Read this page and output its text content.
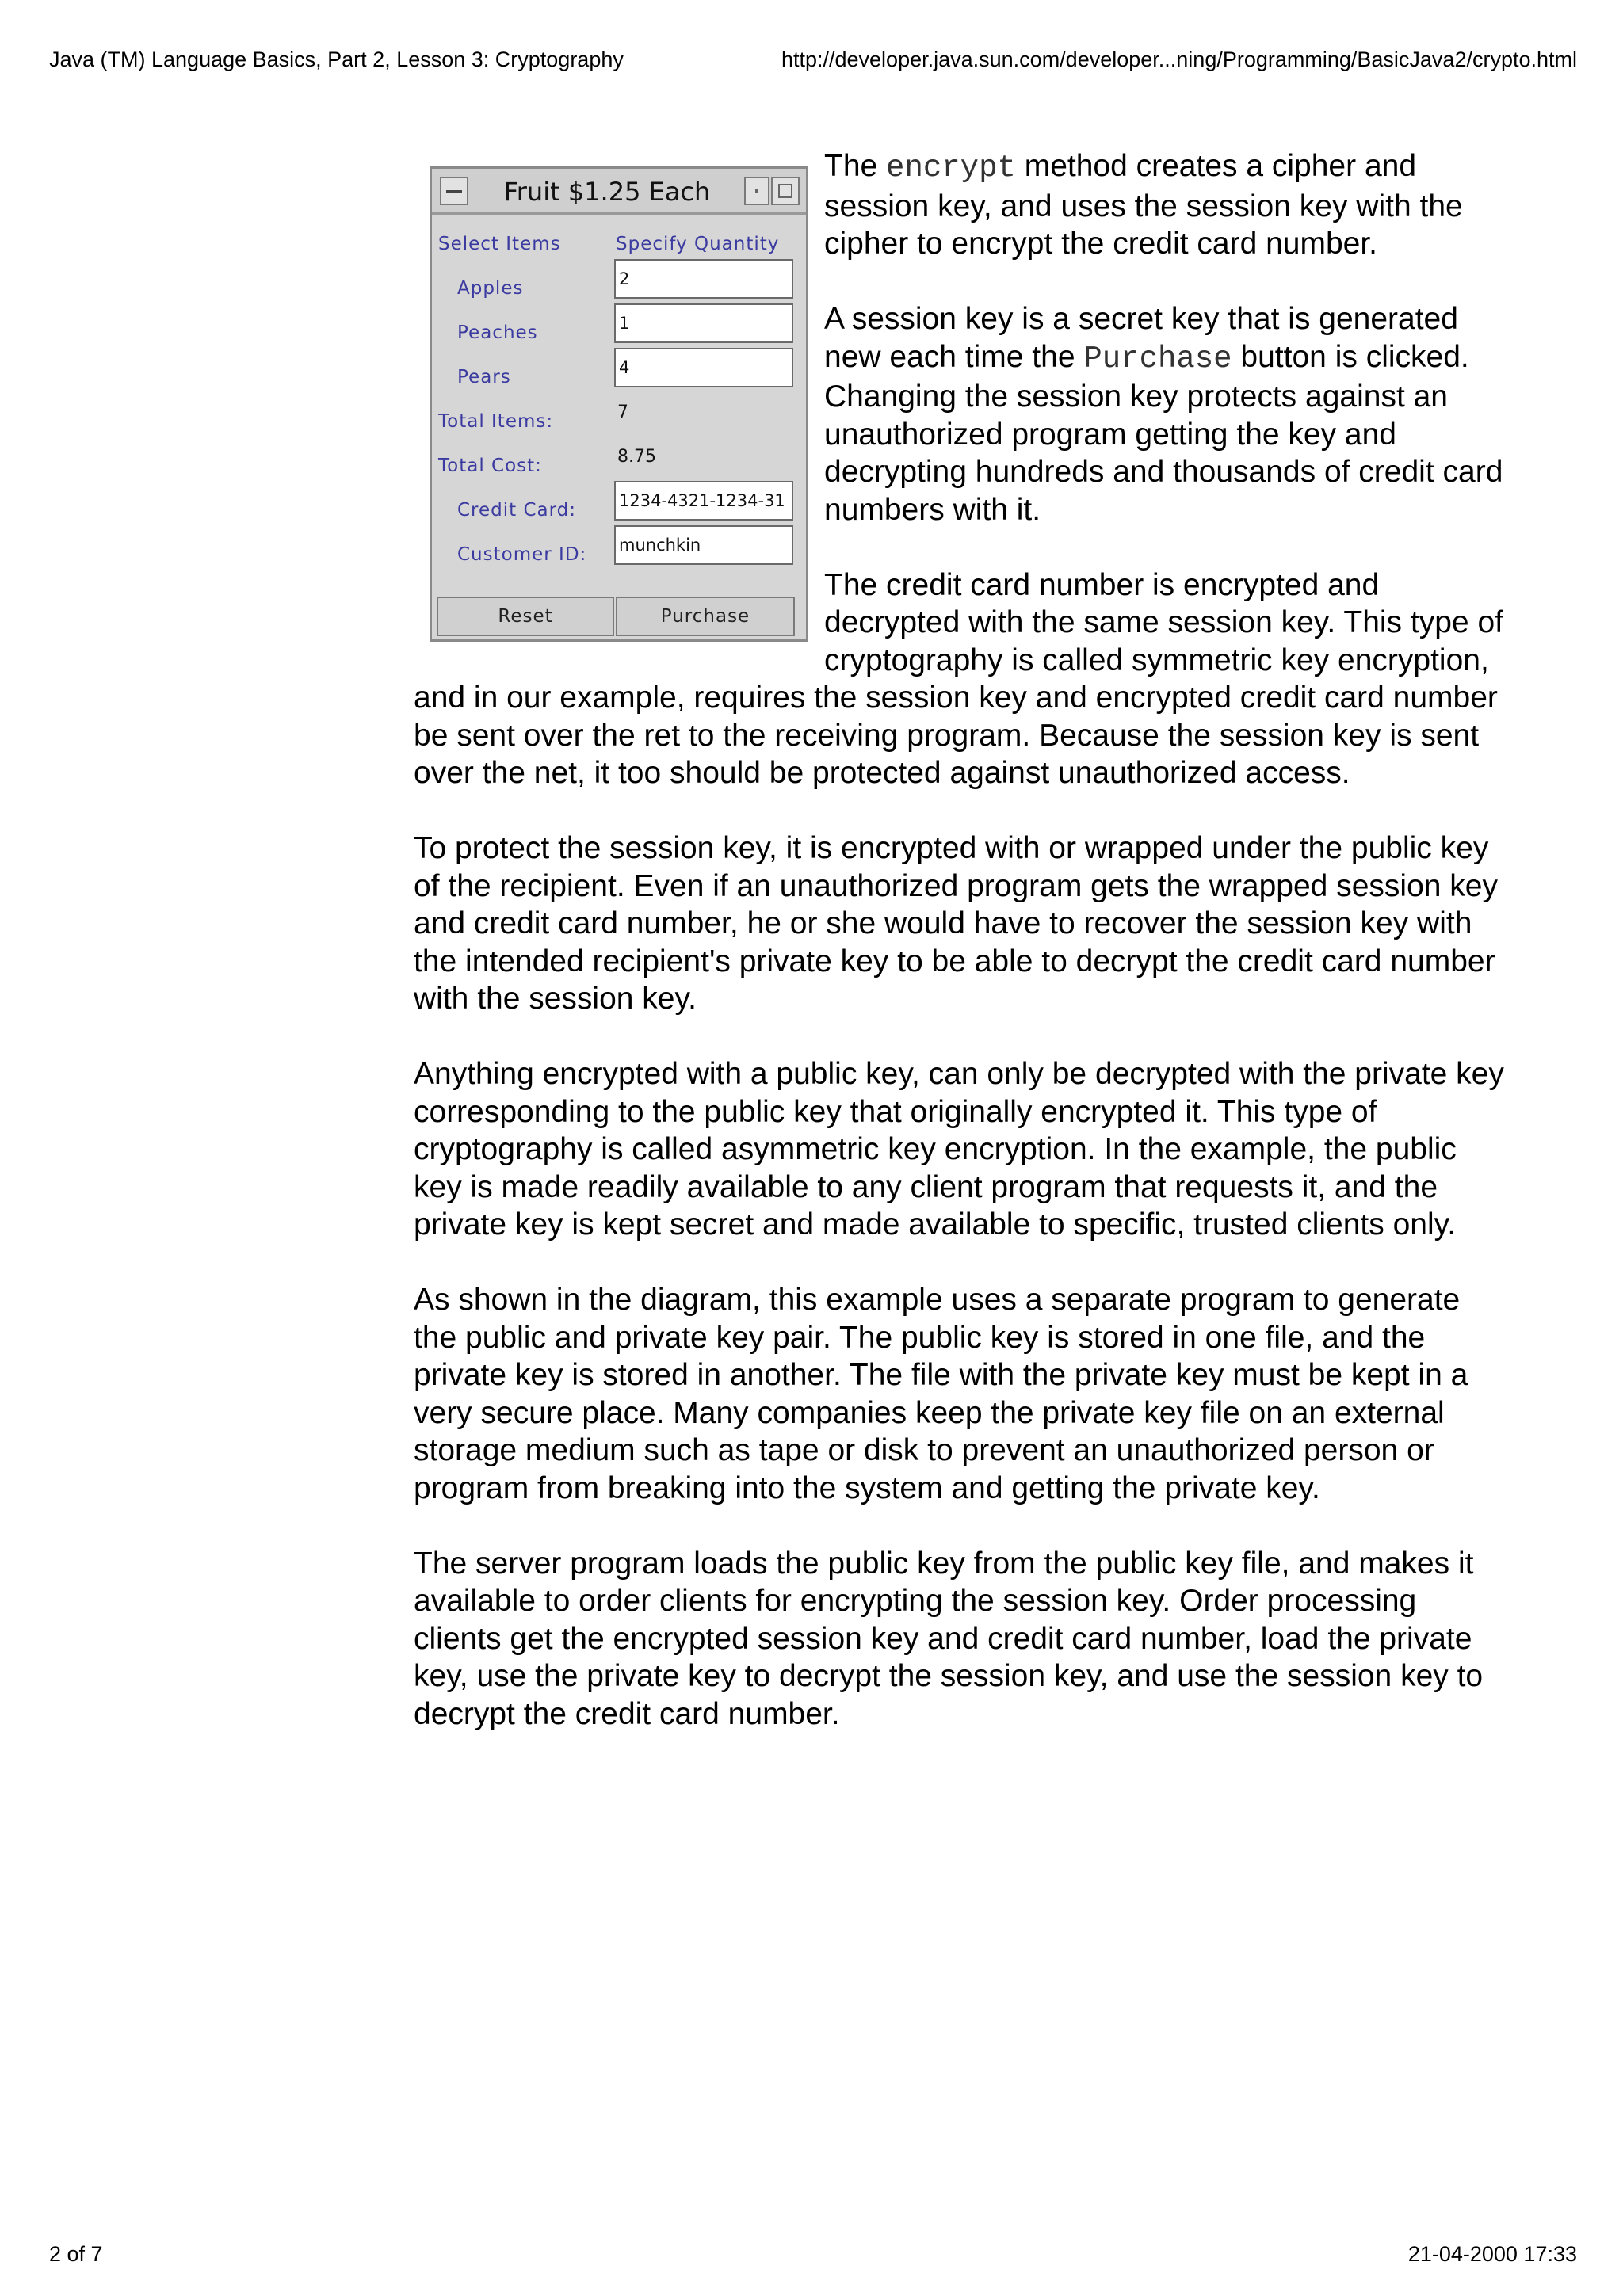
Java (TM) Language Basics, Part 2, Lesson 3: Cryptography	http://developer.java.sun.com/developer...ning/Programming/BasicJava2/crypto.html
Fruit $1.25 Each
Select Items	Specify Quantity
Apples	2
Peaches	1
Pears	4
Total Items:	7
Total Cost:	8.75
Credit Card:	1234-4321-1234-31
Customer ID: munchkin
Reset	Purchase

The encrypt method creates a cipher and session key, and uses the session key with the cipher to encrypt the credit card number.

A session key is a secret key that is generated new each time the Purchase button is clicked. Changing the session key protects against an unauthorized program getting the key and decrypting hundreds and thousands of credit card numbers with it.

The credit card number is encrypted and decrypted with the same session key. This type of cryptography is called symmetric key encryption, and in our example, requires the session key and encrypted credit card number be sent over the ret to the receiving program. Because the session key is sent over the net, it too should be protected against unauthorized access.

To protect the session key, it is encrypted with or wrapped under the public key of the recipient. Even if an unauthorized program gets the wrapped session key and credit card number, he or she would have to recover the session key with the intended recipient's private key to be able to decrypt the credit card number with the session key.

Anything encrypted with a public key, can only be decrypted with the private key corresponding to the public key that originally encrypted it. This type of cryptography is called asymmetric key encryption. In the example, the public key is made readily available to any client program that requests it, and the private key is kept secret and made available to specific, trusted clients only.

As shown in the diagram, this example uses a separate program to generate the public and private key pair. The public key is stored in one file, and the private key is stored in another. The file with the private key must be kept in a very secure place. Many companies keep the private key file on an external storage medium such as tape or disk to prevent an unauthorized person or program from breaking into the system and getting the private key.

The server program loads the public key from the public key file, and makes it available to order clients for encrypting the session key. Order processing clients get the encrypted session key and credit card number, load the private key, use the private key to decrypt the session key, and use the session key to decrypt the credit card number.

2 of 7	21-04-2000 17:33
